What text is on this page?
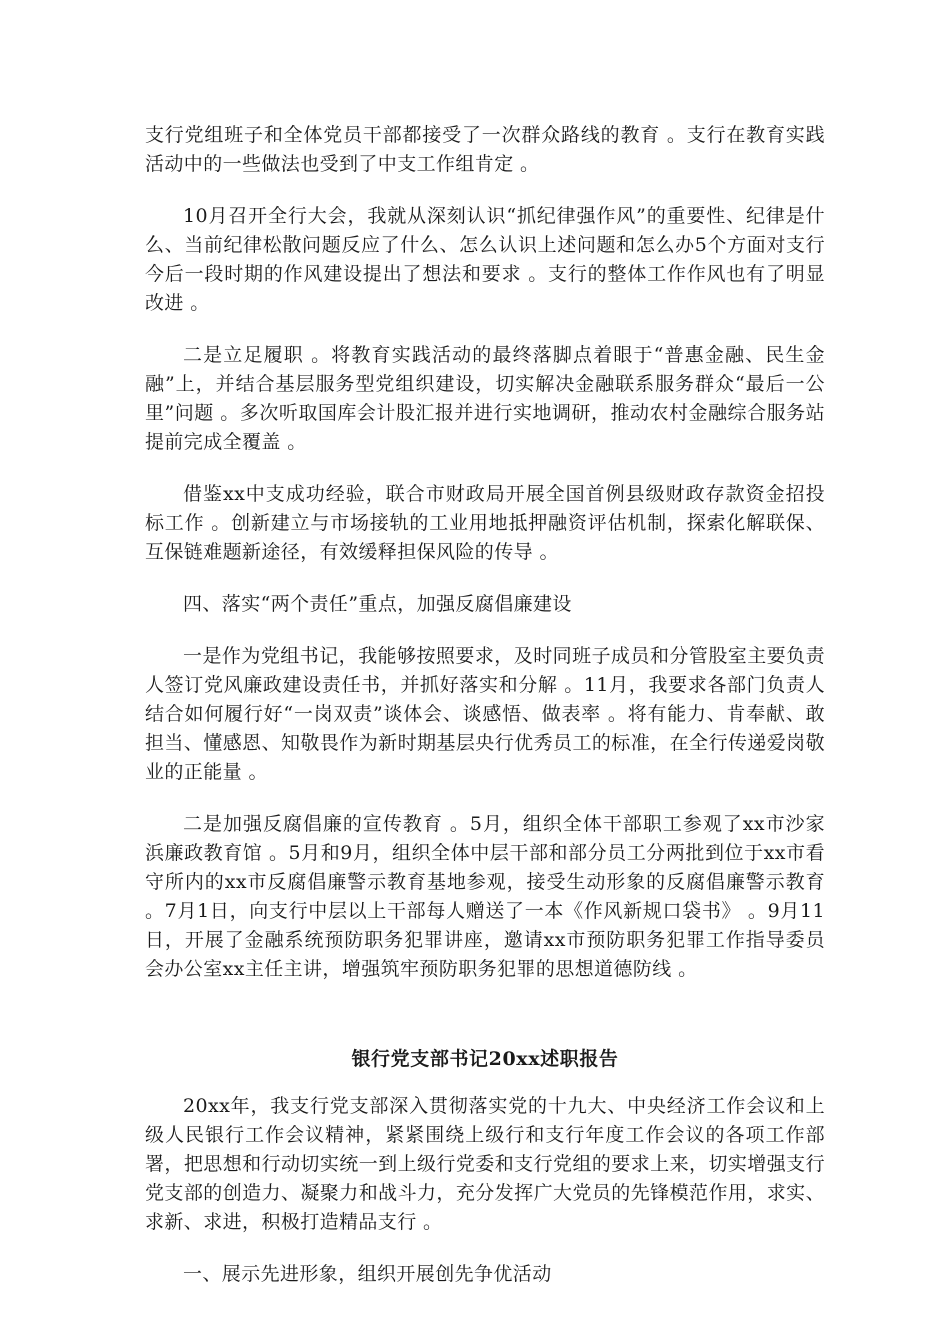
支行党组班子和全体党员干部都接受了一次群众路线的教育 。支行在教育实践活动中的一些做法也受到了中支工作组肯定 。

10月召开全行大会，我就从深刻认识“抓纪律强作风”的重要性、纪律是什么、当前纪律松散问题反应了什么、怎么认识上述问题和怎么办5个方面对支行今后一段时期的作风建设提出了想法和要求 。支行的整体工作作风也有了明显改进 。

二是立足履职 。将教育实践活动的最终落脚点着眼于“普惠金融、民生金融”上，并结合基层服务型党组织建设，切实解决金融联系服务群众“最后一公里”问题 。多次听取国库会计股汇报并进行实地调研，推动农村金融综合服务站提前完成全覆盖 。

借鉴xx中支成功经验，联合市财政局开展全国首例县级财政存款资金招投标工作 。创新建立与市场接轨的工业用地抵押融资评估机制，探索化解联保、互保链难题新途径，有效缓释担保风险的传导 。

四、落实“两个责任”重点，加强反腐倡廉建设

一是作为党组书记，我能够按照要求，及时同班子成员和分管股室主要负责人签订党风廉政建设责任书，并抓好落实和分解 。11月，我要求各部门负责人结合如何履行好“一岗双责”谈体会、谈感悟、做表率 。将有能力、肯奉献、敢担当、懂感恩、知敬畏作为新时期基层央行优秀员工的标准，在全行传递爱岗敬业的正能量 。

二是加强反腐倡廉的宣传教育 。5月，组织全体干部职工参观了xx市沙家浜廉政教育馆 。5月和9月，组织全体中层干部和部分员工分两批到位于xx市看守所内的xx市反腐倡廉警示教育基地参观，接受生动形象的反腐倡廉警示教育 。7月1日，向支行中层以上干部每人赠送了一本《作风新规口袋书》 。9月11日，开展了金融系统预防职务犯罪讲座，邀请xx市预防职务犯罪工作指导委员会办公室xx主任主讲，增强筑牢预防职务犯罪的思想道德防线 。

银行党支部书记20xx述职报告

20xx年，我支行党支部深入贯彻落实党的十九大、中央经济工作会议和上级人民银行工作会议精神，紧紧围绕上级行和支行年度工作会议的各项工作部署，把思想和行动切实统一到上级行党委和支行党组的要求上来，切实增强支行党支部的创造力、凝聚力和战斗力，充分发挥广大党员的先锋模范作用，求实、求新、求进，积极打造精品支行 。

一、展示先进形象，组织开展创先争优活动
